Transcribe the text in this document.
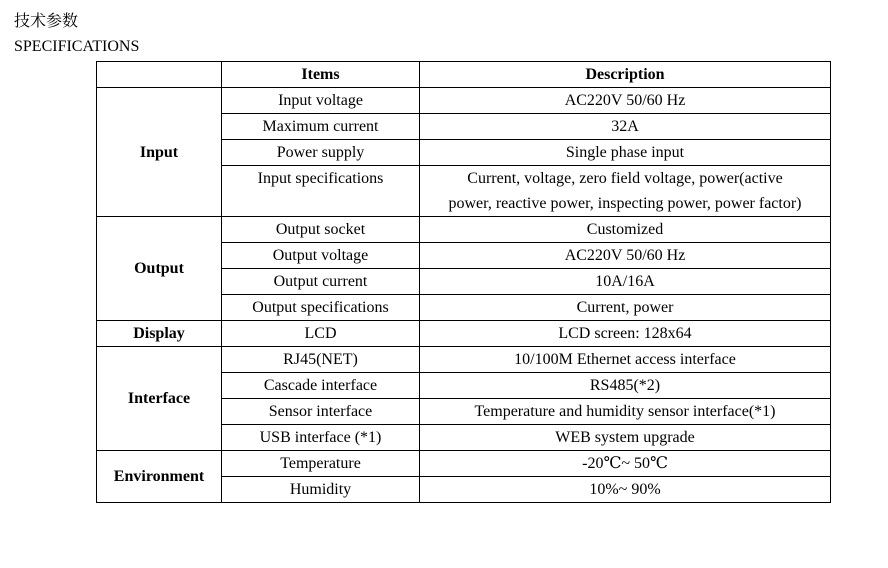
技术参数
SPECIFICATIONS
	Items	Description
Input	Input voltage	AC220V 50/60 Hz
	Maximum current	32A
	Power supply	Single phase input
	Input specifications	Current, voltage, zero field voltage, power(active
		power, reactive power, inspecting power, power factor)
Output	Output socket	Customized
	Output voltage	AC220V 50/60 Hz
	Output current	10A/16A
	Output specifications	Current, power
Display	LCD	LCD screen: 128x64
Interface	RJ45(NET)	10/100M Ethernet access interface
	Cascade interface	RS485(*2)
	Sensor interface	Temperature and humidity sensor interface(*1)
	USB interface (*1)	WEB system upgrade
Environment	Temperature	-20℃~ 50℃
	Humidity	10%~ 90%
